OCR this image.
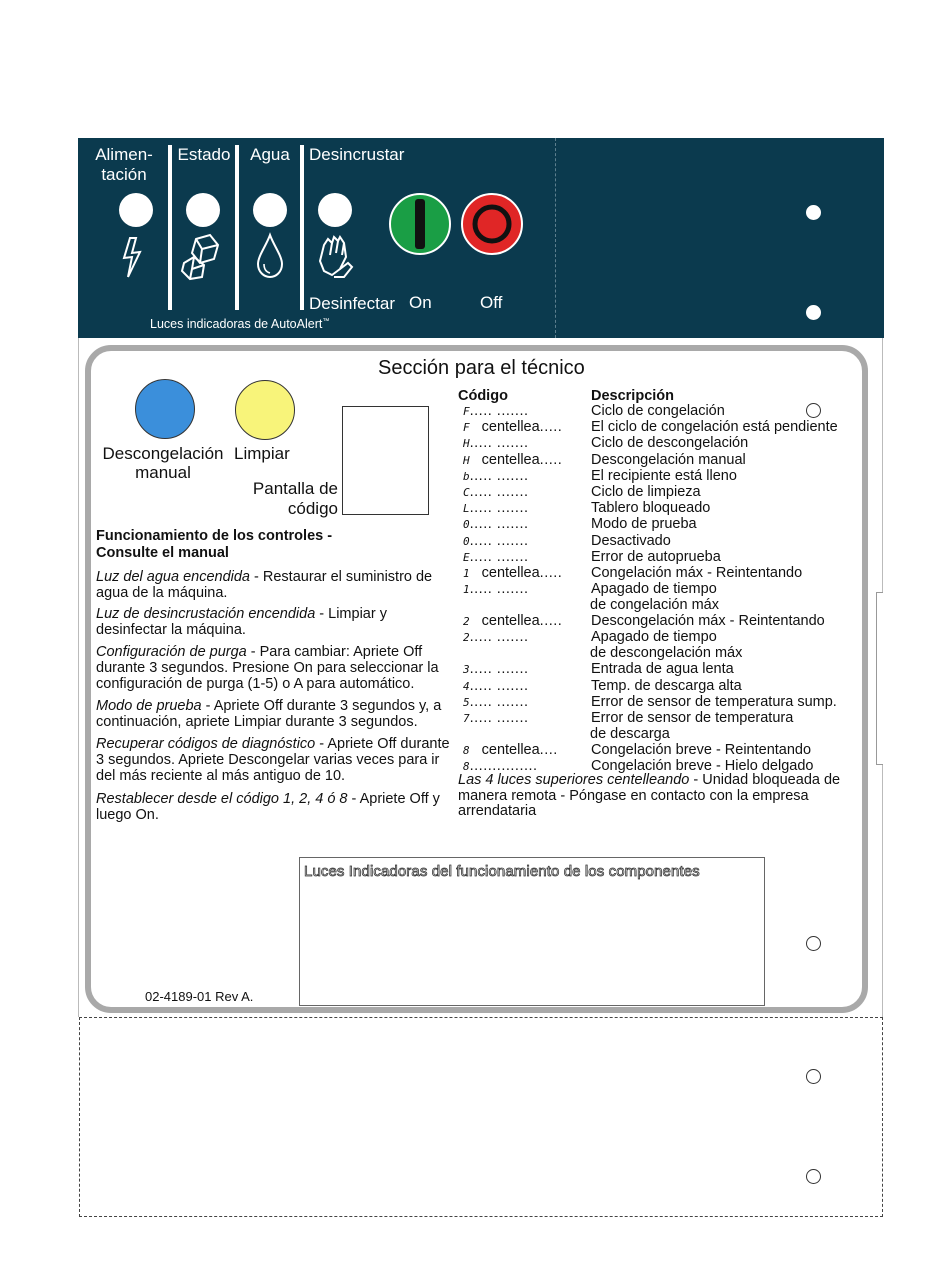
Alimen- tación
Estado	Agua	Desincrustar
Desinfectar On	Off
Luces indicadoras de AutoAlert™
Sección para el técnico
Descongelación manual
Limpiar
Pantalla de código
Funcionamiento de los controles - Consulte el manual
Luz del agua encendida - Restaurar el suministro de agua de la máquina.
Luz de desincrustación encendida - Limpiar y desinfectar la máquina.
Configuración de purga - Para cambiar: Apriete Off durante 3 segundos. Presione On para seleccionar la configuración de purga (1-5) o A para automático.
Modo de prueba - Apriete Off durante 3 segundos y, a continuación, apriete Limpiar durante 3 segundos.
Recuperar códigos de diagnóstico - Apriete Off durante 3 segundos. Apriete Descongelar varias veces para ir del más reciente al más antiguo de 10.
Restablecer desde el código 1, 2, 4 ó 8 - Apriete Off y luego On.
Código	Descripción
F..... .......	Ciclo de congelación
F centellea.....	El ciclo de congelación está pendiente
H..... .......	Ciclo de descongelación
H centellea.....	Descongelación manual
b..... .......	El recipiente está lleno
C..... .......	Ciclo de limpieza
L..... .......	Tablero bloqueado
0..... .......	Modo de prueba
0..... .......	Desactivado
E..... .......	Error de autoprueba
1 centellea.....	Congelación máx - Reintentando
1..... .......	Apagado de tiempo
de congelación máx
2 centellea.....	Descongelación máx - Reintentando
2..... .......	Apagado de tiempo
de descongelación máx
3..... .......	Entrada de agua lenta
4..... .......	Temp. de descarga alta
5..... .......	Error de sensor de temperatura sump.
7..... .......	Error de sensor de temperatura
de descarga
8 centellea....	Congelación breve - Reintentando
8...............	Congelación breve - Hielo delgado
Las 4 luces superiores centelleando - Unidad bloqueada de manera remota - Póngase en contacto con la empresa arrendataria
Luces Indicadoras del funcionamiento de los componentes
02-4189-01 Rev A.
